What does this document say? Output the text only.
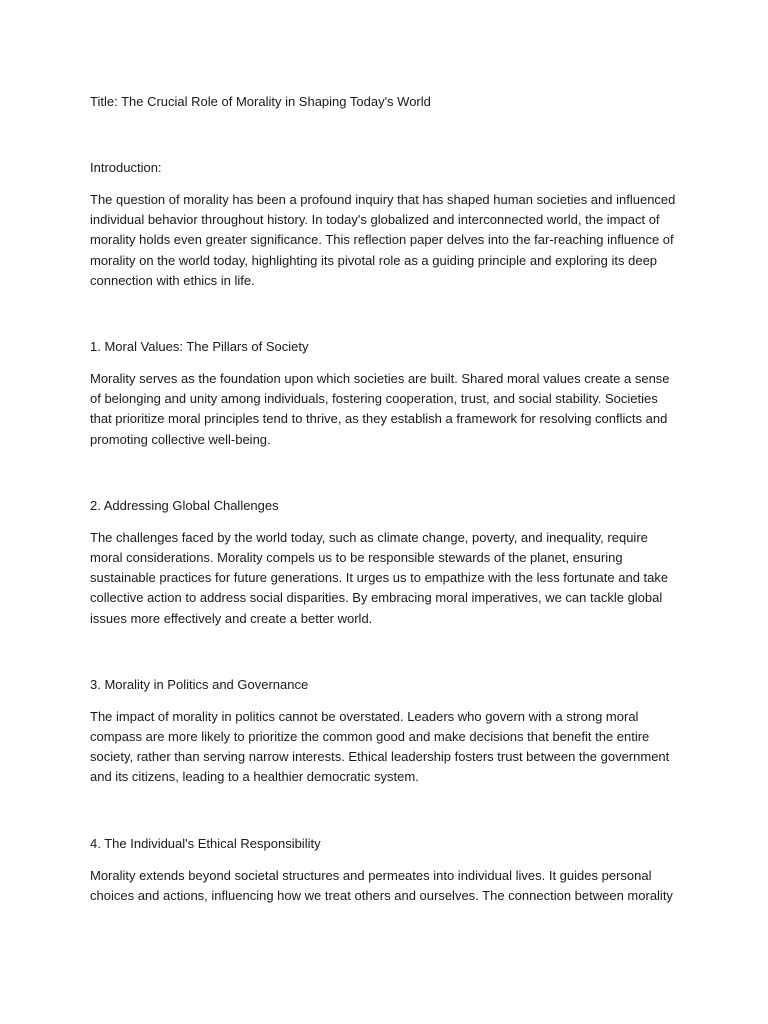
Title: The Crucial Role of Morality in Shaping Today's World

Introduction:

The question of morality has been a profound inquiry that has shaped human societies and influenced individual behavior throughout history. In today's globalized and interconnected world, the impact of morality holds even greater significance. This reflection paper delves into the far-reaching influence of morality on the world today, highlighting its pivotal role as a guiding principle and exploring its deep connection with ethics in life.

1. Moral Values: The Pillars of Society

Morality serves as the foundation upon which societies are built. Shared moral values create a sense of belonging and unity among individuals, fostering cooperation, trust, and social stability. Societies that prioritize moral principles tend to thrive, as they establish a framework for resolving conflicts and promoting collective well-being.

2. Addressing Global Challenges

The challenges faced by the world today, such as climate change, poverty, and inequality, require moral considerations. Morality compels us to be responsible stewards of the planet, ensuring sustainable practices for future generations. It urges us to empathize with the less fortunate and take collective action to address social disparities. By embracing moral imperatives, we can tackle global issues more effectively and create a better world.

3. Morality in Politics and Governance

The impact of morality in politics cannot be overstated. Leaders who govern with a strong moral compass are more likely to prioritize the common good and make decisions that benefit the entire society, rather than serving narrow interests. Ethical leadership fosters trust between the government and its citizens, leading to a healthier democratic system.

4. The Individual's Ethical Responsibility

Morality extends beyond societal structures and permeates into individual lives. It guides personal choices and actions, influencing how we treat others and ourselves. The connection between morality
